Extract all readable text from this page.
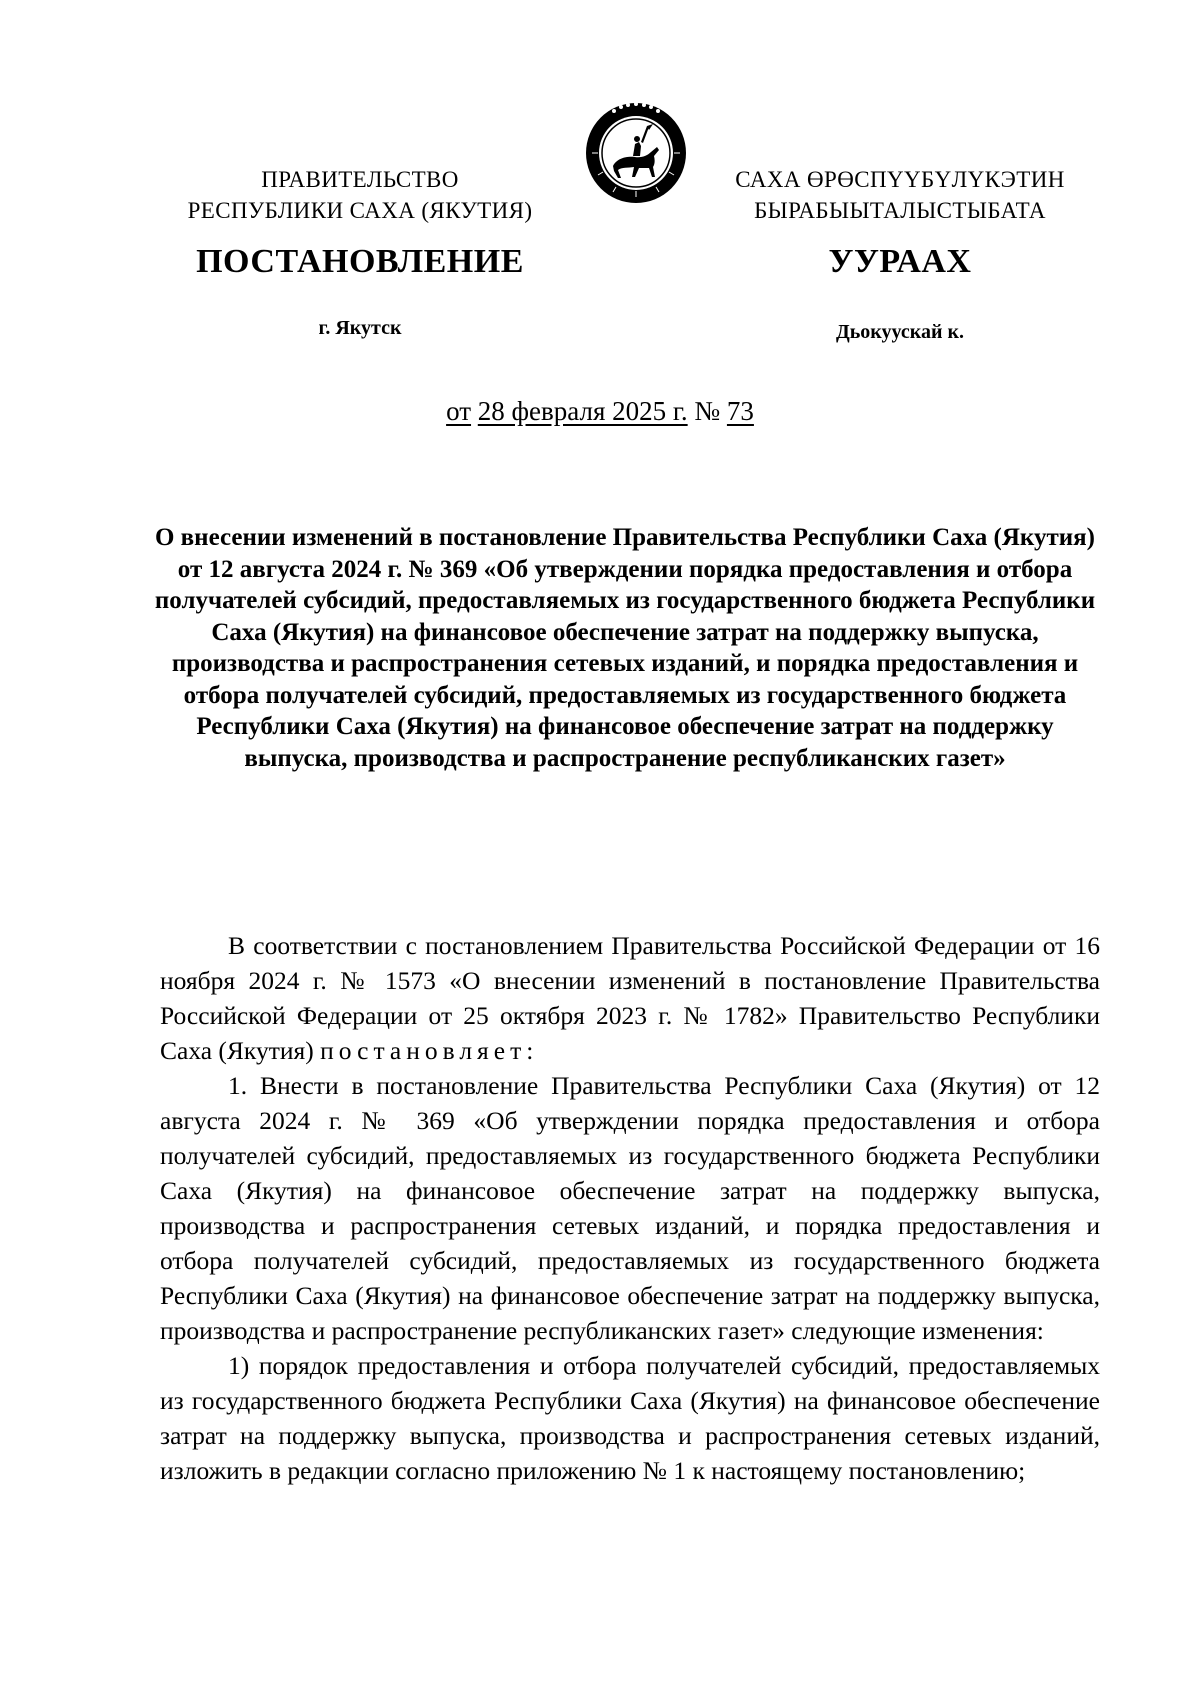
ПРАВИТЕЛЬСТВО
РЕСПУБЛИКИ САХА (ЯКУТИЯ)
САХА ӨРӨСПҮҮБҮЛҮКЭТИН
БЫРАБЫЫТАЛЫСТЫБАТА
ПОСТАНОВЛЕНИЕ	УУРААХ
г. Якутск	Дьокуускай к.
от 28 февраля 2025 г. № 73

О внесении изменений в постановление Правительства Республики Саха (Якутия) от 12 августа 2024 г. № 369 «Об утверждении порядка предоставления и отбора получателей субсидий, предоставляемых из государственного бюджета Республики Саха (Якутия) на финансовое обеспечение затрат на поддержку выпуска, производства и распространения сетевых изданий, и порядка предоставления и отбора получателей субсидий, предоставляемых из государственного бюджета Республики Саха (Якутия) на финансовое обеспечение затрат на поддержку выпуска, производства и распространение республиканских газет»

В соответствии с постановлением Правительства Российской Федерации от 16 ноября 2024 г. № 1573 «О внесении изменений в постановление Правительства Российской Федерации от 25 октября 2023 г. № 1782» Правительство Республики Саха (Якутия) постановляет:

1. Внести в постановление Правительства Республики Саха (Якутия) от 12 августа 2024 г. № 369 «Об утверждении порядка предоставления и отбора получателей субсидий, предоставляемых из государственного бюджета Республики Саха (Якутия) на финансовое обеспечение затрат на поддержку выпуска, производства и распространения сетевых изданий, и порядка предоставления и отбора получателей субсидий, предоставляемых из государственного бюджета Республики Саха (Якутия) на финансовое обеспечение затрат на поддержку выпуска, производства и распространение республиканских газет» следующие изменения:

1) порядок предоставления и отбора получателей субсидий, предоставляемых из государственного бюджета Республики Саха (Якутия) на финансовое обеспечение затрат на поддержку выпуска, производства и распространения сетевых изданий, изложить в редакции согласно приложению № 1 к настоящему постановлению;
